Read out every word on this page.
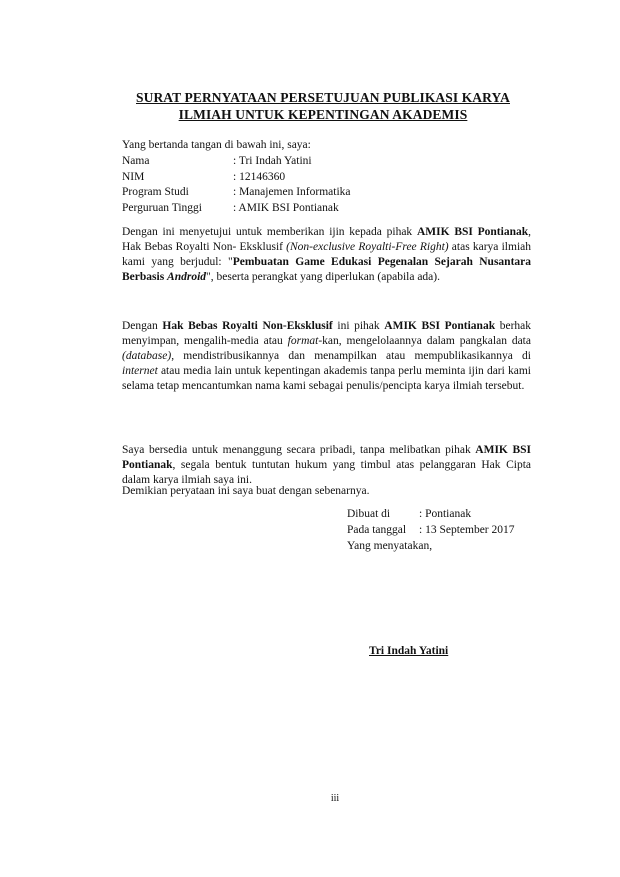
SURAT PERNYATAAN PERSETUJUAN PUBLIKASI KARYA
ILMIAH UNTUK KEPENTINGAN AKADEMIS
Yang bertanda tangan di bawah ini, saya:
Nama	: Tri Indah Yatini
NIM	: 12146360
Program Studi	: Manajemen Informatika
Perguruan Tinggi	: AMIK BSI Pontianak
Dengan ini menyetujui untuk memberikan ijin kepada pihak AMIK BSI Pontianak, Hak Bebas Royalti Non- Eksklusif (Non-exclusive Royalti-Free Right) atas karya ilmiah kami yang berjudul: "Pembuatan Game Edukasi Pegenalan Sejarah Nusantara Berbasis Android", beserta perangkat yang diperlukan (apabila ada).
Dengan Hak Bebas Royalti Non-Eksklusif ini pihak AMIK BSI Pontianak berhak menyimpan, mengalih-media atau format-kan, mengelolaannya dalam pangkalan data (database), mendistribusikannya dan menampilkan atau mempublikasikannya di internet atau media lain untuk kepentingan akademis tanpa perlu meminta ijin dari kami selama tetap mencantumkan nama kami sebagai penulis/pencipta karya ilmiah tersebut.
Saya bersedia untuk menanggung secara pribadi, tanpa melibatkan pihak AMIK BSI Pontianak, segala bentuk tuntutan hukum yang timbul atas pelanggaran Hak Cipta dalam karya ilmiah saya ini.
Demikian peryataan ini saya buat dengan sebenarnya.
Dibuat di	: Pontianak
Pada tanggal : 13 September 2017
Yang menyatakan,
Tri Indah Yatini
iii
